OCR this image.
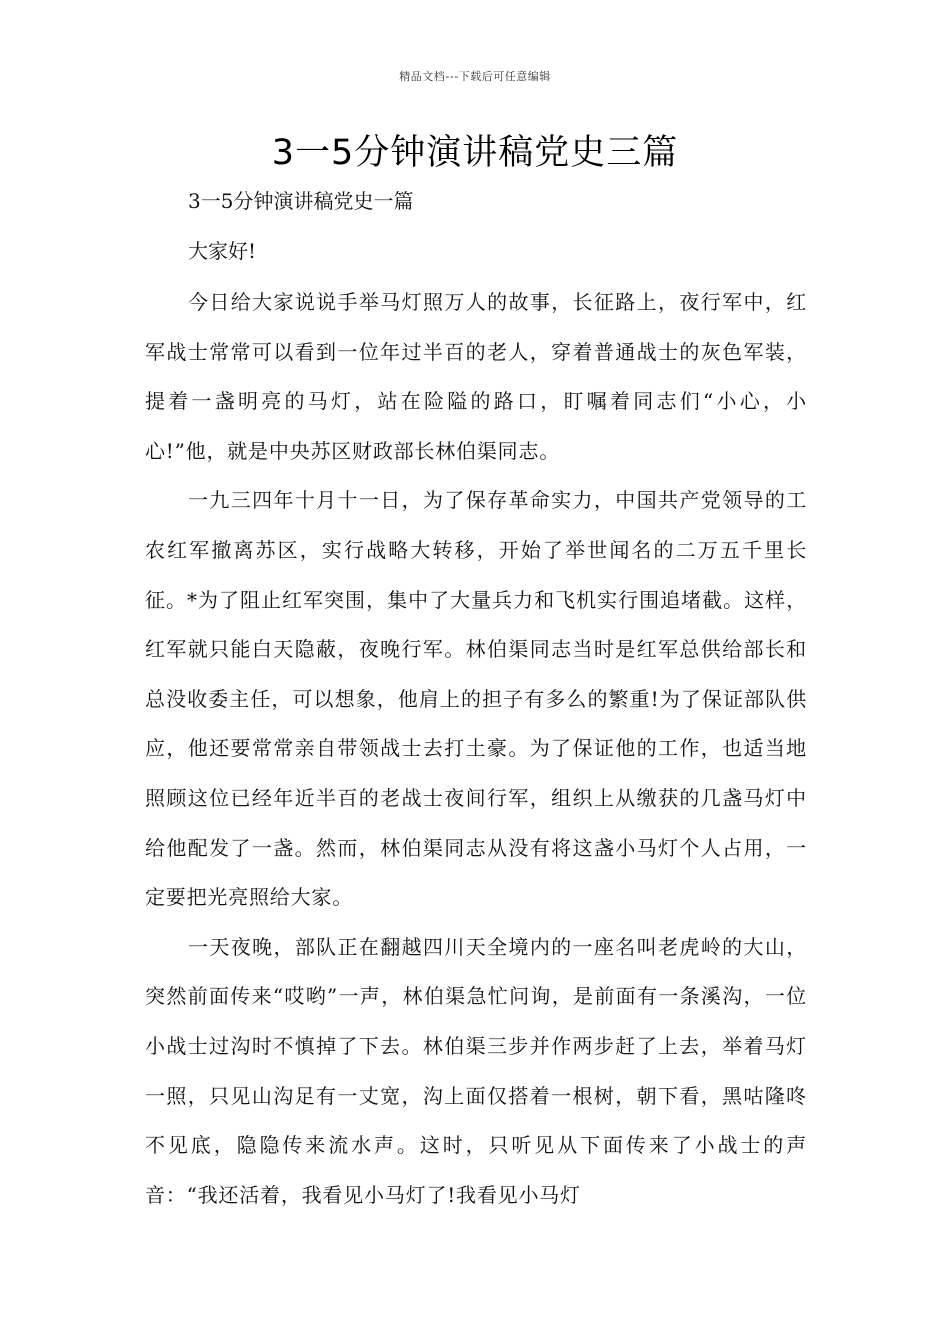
精品文档---下载后可任意编辑
3一5分钟演讲稿党史三篇
3一5分钟演讲稿党史一篇
大家好!

今日给大家说说手举马灯照万人的故事，长征路上，夜行军中，红军战士常常可以看到一位年过半百的老人，穿着普通战士的灰色军装，提着一盏明亮的马灯，站在险隘的路口，盯嘱着同志们“小心，小心!”他，就是中央苏区财政部长林伯渠同志。

一九三四年十月十一日，为了保存革命实力，中国共产党领导的工农红军撤离苏区，实行战略大转移，开始了举世闻名的二万五千里长征。*为了阻止红军突围，集中了大量兵力和飞机实行围追堵截。这样，红军就只能白天隐蔽，夜晚行军。林伯渠同志当时是红军总供给部长和总没收委主任，可以想象，他肩上的担子有多么的繁重!为了保证部队供应，他还要常常亲自带领战士去打土豪。为了保证他的工作，也适当地照顾这位已经年近半百的老战士夜间行军，组织上从缴获的几盏马灯中给他配发了一盏。然而，林伯渠同志从没有将这盏小马灯个人占用，一定要把光亮照给大家。

一天夜晚，部队正在翻越四川天全境内的一座名叫老虎岭的大山，突然前面传来“哎哟”一声，林伯渠急忙问询，是前面有一条溪沟，一位小战士过沟时不慎掉了下去。林伯渠三步并作两步赶了上去，举着马灯一照，只见山沟足有一丈宽，沟上面仅搭着一根树，朝下看，黑咕隆咚不见底，隐隐传来流水声。这时，只听见从下面传来了小战士的声音：“我还活着，我看见小马灯了!我看见小马灯
